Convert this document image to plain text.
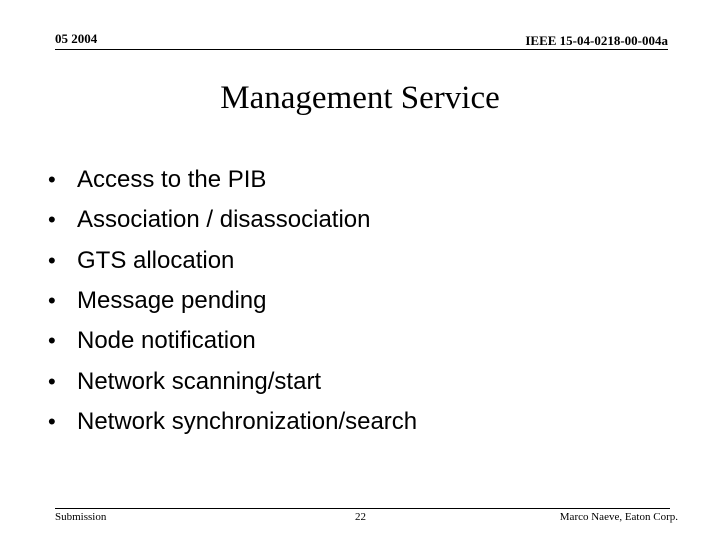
05 2004	IEEE 15-04-0218-00-004a
Management Service
• Access to the PIB
• Association / disassociation
• GTS allocation
• Message pending
• Node notification
• Network scanning/start
• Network synchronization/search
Submission	22	Marco Naeve, Eaton Corp.
